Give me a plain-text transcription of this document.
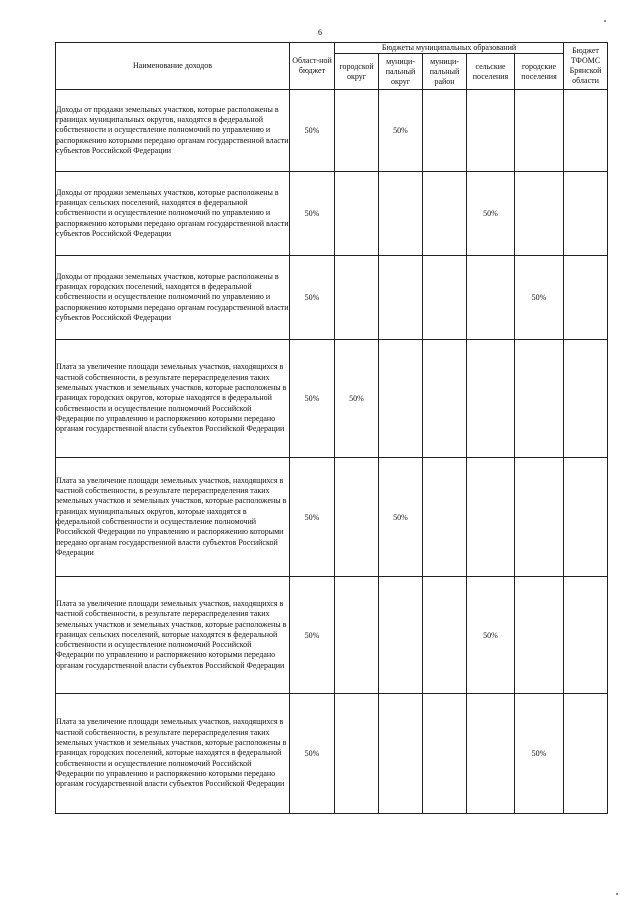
6
Наименование доходов	Област-ной бюджет	Бюджеты муниципальных образований					Бюджет ТФОМС Брянской области
		городской округ	муници-пальный округ	муници-пальный район	сельские поселения	городские поселения	
Доходы от продажи земельных участков, которые расположены в границах муниципальных округов, находятся в федеральной собственности и осуществление полномочий по управлению и распоряжению которыми передано органам государственной власти субъектов Российской Федерации	50%		50%				
Доходы от продажи земельных участков, которые расположены в границах сельских поселений, находятся в федеральной собственности и осуществление полномочий по управлению и распоряжению которыми передано органам государственной власти субъектов Российской Федерации	50%				50%		
Доходы от продажи земельных участков, которые расположены в границах городских поселений, находятся в федеральной собственности и осуществление полномочий по управлению и распоряжению которыми передано органам государственной власти субъектов Российской Федерации	50%					50%	
Плата за увеличение площади земельных участков, находящихся в частной собственности, в результате перераспределения таких земельных участков и земельных участков, которые расположены в границах городских округов, которые находятся в федеральной собственности и осуществление полномочий Российской Федерации по управлению и распоряжению которыми передано органам государственной власти субъектов Российской Федерации	50%	50%					
Плата за увеличение площади земельных участков, находящихся в частной собственности, в результате перераспределения таких земельных участков и земельных участков, которые расположены в границах муниципальных округов, которые находятся в федеральной собственности и осуществление полномочий Российской Федерации по управлению и распоряжению которыми передано органам государственной власти субъектов Российской Федерации	50%		50%				
Плата за увеличение площади земельных участков, находящихся в частной собственности, в результате перераспределения таких земельных участков и земельных участков, которые расположены в границах сельских поселений, которые находятся в федеральной собственности и осуществление полномочий Российской Федерации по управлению и распоряжению которыми передано органам государственной власти субъектов Российской Федерации	50%				50%		
Плата за увеличение площади земельных участков, находящихся в частной собственности, в результате перераспределения таких земельных участков и земельных участков, которые расположены в границах городских поселений, которые находятся в федеральной собственности и осуществление полномочий Российской Федерации по управлению и распоряжению которыми передано органам государственной власти субъектов Российской Федерации	50%					50%	
